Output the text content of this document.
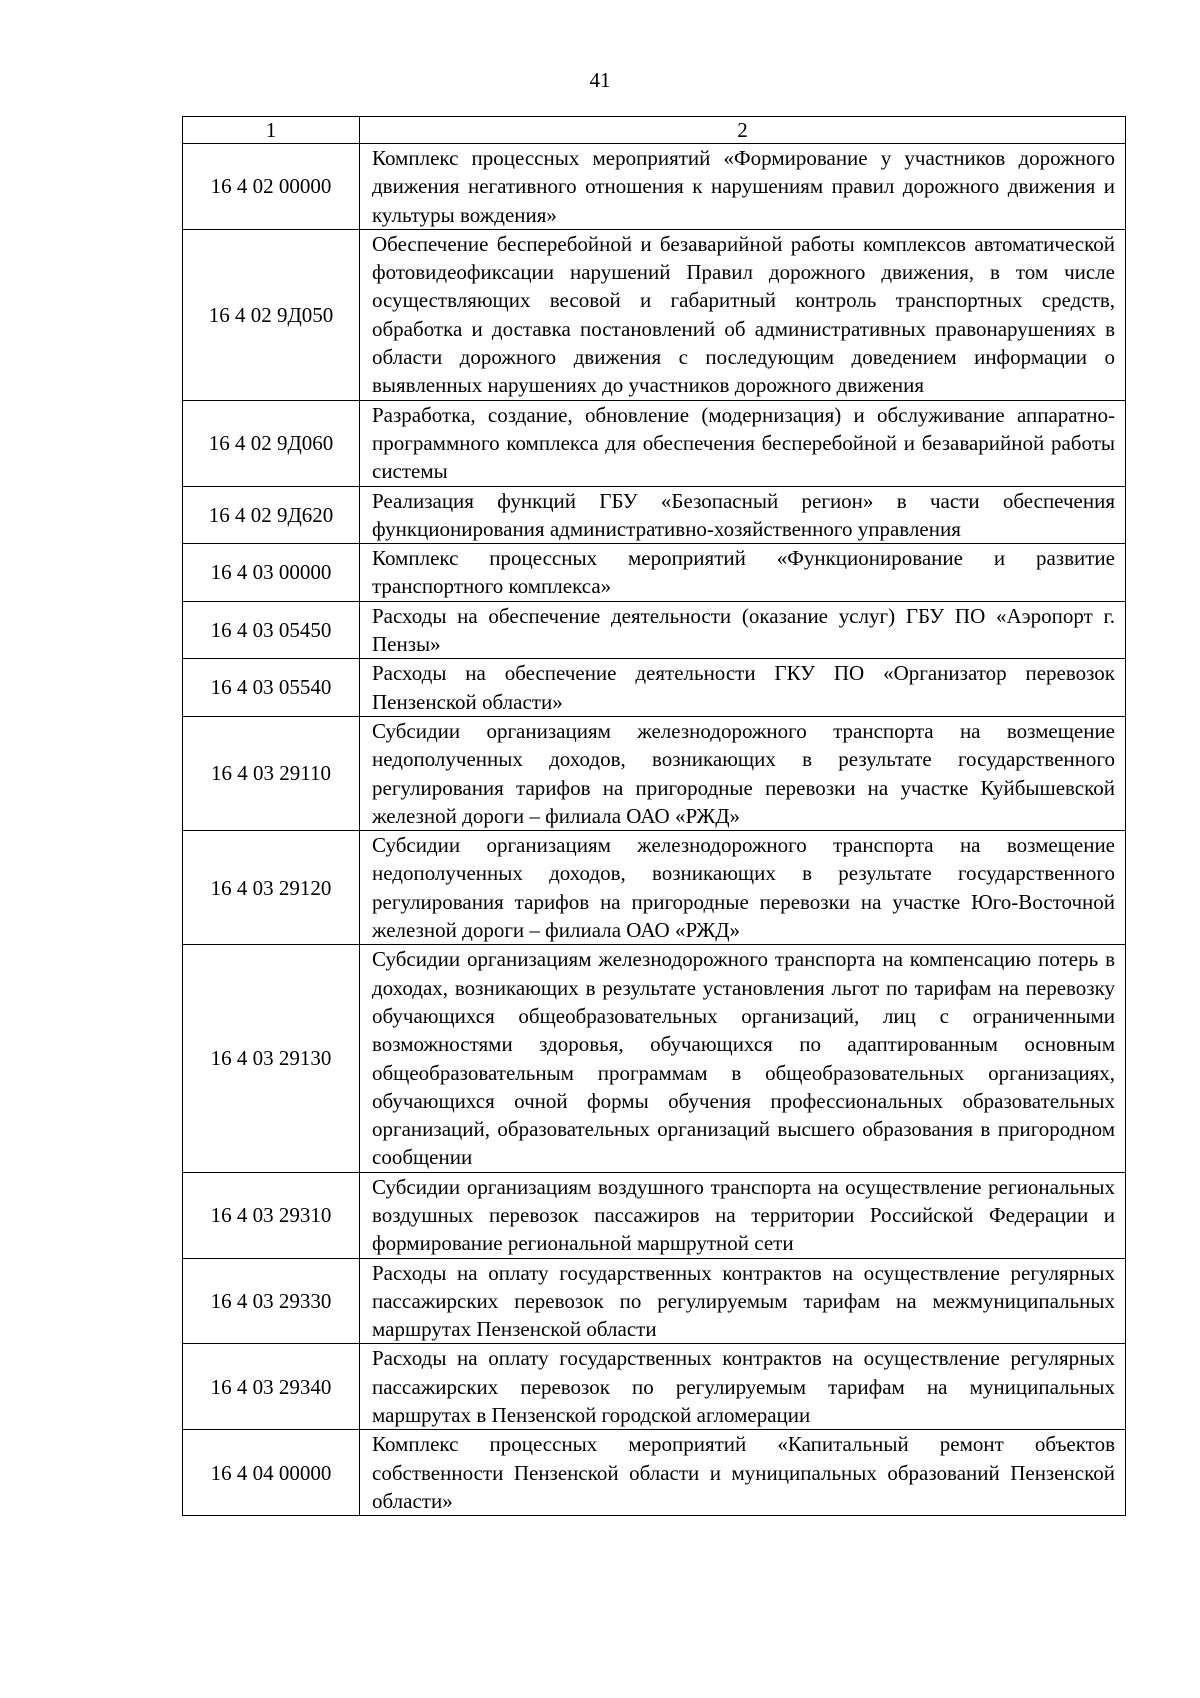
41
1	2
16 4 02 00000	Комплекс процессных мероприятий «Формирование у участников дорожного движения негативного отношения к нарушениям правил дорожного движения и культуры вождения»
16 4 02 9Д050	Обеспечение бесперебойной и безаварийной работы комплексов автоматической фотовидеофиксации нарушений Правил дорожного движения, в том числе осуществляющих весовой и габаритный контроль транспортных средств, обработка и доставка постановлений об административных правонарушениях в области дорожного движения с последующим доведением информации о выявленных нарушениях до участников дорожного движения
16 4 02 9Д060	Разработка, создание, обновление (модернизация) и обслуживание аппаратно-программного комплекса для обеспечения бесперебойной и безаварийной работы системы
16 4 02 9Д620	Реализация функций ГБУ «Безопасный регион» в части обеспечения функционирования административно-хозяйственного управления
16 4 03 00000	Комплекс процессных мероприятий «Функционирование и развитие транспортного комплекса»
16 4 03 05450	Расходы на обеспечение деятельности (оказание услуг) ГБУ ПО «Аэропорт г. Пензы»
16 4 03 05540	Расходы на обеспечение деятельности ГКУ ПО «Организатор перевозок Пензенской области»
16 4 03 29110	Субсидии организациям железнодорожного транспорта на возмещение недополученных доходов, возникающих в результате государственного регулирования тарифов на пригородные перевозки на участке Куйбышевской железной дороги – филиала ОАО «РЖД»
16 4 03 29120	Субсидии организациям железнодорожного транспорта на возмещение недополученных доходов, возникающих в результате государственного регулирования тарифов на пригородные перевозки на участке Юго-Восточной железной дороги – филиала ОАО «РЖД»
16 4 03 29130	Субсидии организациям железнодорожного транспорта на компенсацию потерь в доходах, возникающих в результате установления льгот по тарифам на перевозку обучающихся общеобразовательных организаций, лиц с ограниченными возможностями здоровья, обучающихся по адаптированным основным общеобразовательным программам в общеобразовательных организациях, обучающихся очной формы обучения профессиональных образовательных организаций, образовательных организаций высшего образования в пригородном сообщении
16 4 03 29310	Субсидии организациям воздушного транспорта на осуществление региональных воздушных перевозок пассажиров на территории Российской Федерации и формирование региональной маршрутной сети
16 4 03 29330	Расходы на оплату государственных контрактов на осуществление регулярных пассажирских перевозок по регулируемым тарифам на межмуниципальных маршрутах Пензенской области
16 4 03 29340	Расходы на оплату государственных контрактов на осуществление регулярных пассажирских перевозок по регулируемым тарифам на муниципальных маршрутах в Пензенской городской агломерации
16 4 04 00000	Комплекс процессных мероприятий «Капитальный ремонт объектов собственности Пензенской области и муниципальных образований Пензенской области»
